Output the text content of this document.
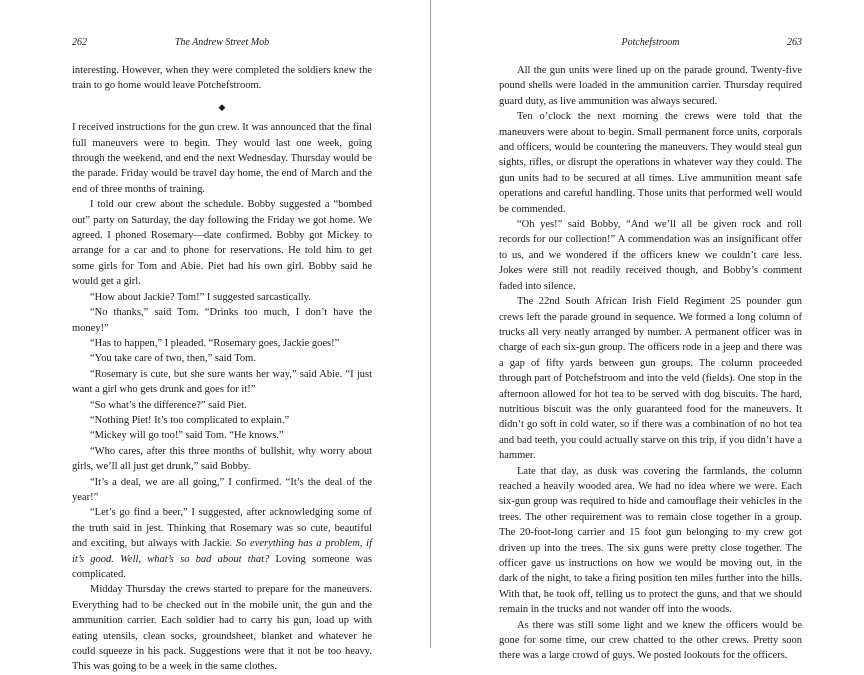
262	The Andrew Street Mob

interesting. However, when they were completed the soldiers knew the train to go home would leave Potchefstroom.

◆

I received instructions for the gun crew. It was announced that the final full maneuvers were to begin. They would last one week, going through the weekend, and end the next Wednesday. Thursday would be the parade. Friday would be travel day home, the end of March and the end of three months of training.

I told our crew about the schedule. Bobby suggested a “bombed out” party on Saturday, the day following the Friday we got home. We agreed. I phoned Rosemary—date confirmed. Bobby got Mickey to arrange for a car and to phone for reservations. He told him to get some girls for Tom and Abie. Piet had his own girl. Bobby said he would get a girl.

“How about Jackie? Tom!” I suggested sarcastically.

“No thanks,” said Tom. “Drinks too much, I don’t have the money!”

“Has to happen,” I pleaded. “Rosemary goes, Jackie goes!”

“You take care of two, then,” said Tom.

“Rosemary is cute, but she sure wants her way,” said Abie. “I just want a girl who gets drunk and goes for it!”

“So what’s the difference?” said Piet.

“Nothing Piet! It’s too complicated to explain.”

“Mickey will go too!” said Tom. “He knows.”

“Who cares, after this three months of bullshit, why worry about girls, we’ll all just get drunk,” said Bobby.

“It’s a deal, we are all going,” I confirmed. “It’s the deal of the year!”

“Let’s go find a beer,” I suggested, after acknowledging some of the truth said in jest. Thinking that Rosemary was so cute, beautiful and exciting, but always with Jackie. So everything has a problem, if it’s good. Well, what’s so bad about that? Loving someone was complicated.

Midday Thursday the crews started to prepare for the maneuvers. Everything had to be checked out in the mobile unit, the gun and the ammunition carrier. Each soldier had to carry his gun, load up with eating utensils, clean socks, groundsheet, blanket and whatever he could squeeze in his pack. Suggestions were that it not be too heavy. This was going to be a week in the same clothes.

Potchefstroom	263

All the gun units were lined up on the parade ground. Twenty-five pound shells were loaded in the ammunition carrier. Thursday required guard duty, as live ammunition was always secured.

Ten o’clock the next morning the crews were told that the maneuvers were about to begin. Small permanent force units, corporals and officers, would be countering the maneuvers. They would steal gun sights, rifles, or disrupt the operations in whatever way they could. The gun units had to be secured at all times. Live ammunition meant safe operations and careful handling. Those units that performed well would be commended.

“Oh yes!” said Bobby, “And we’ll all be given rock and roll records for our collection!” A commendation was an insignificant offer to us, and we wondered if the officers knew we couldn’t care less. Jokes were still not readily received though, and Bobby’s comment faded into silence.

The 22nd South African Irish Field Regiment 25 pounder gun crews left the parade ground in sequence. We formed a long column of trucks all very neatly arranged by number. A permanent officer was in charge of each six-gun group. The officers rode in a jeep and there was a gap of fifty yards between gun groups. The column proceeded through part of Potchefstroom and into the veld (fields). One stop in the afternoon allowed for hot tea to be served with dog biscuits. The hard, nutritious biscuit was the only guaranteed food for the maneuvers. It didn’t go soft in cold water, so if there was a combination of no hot tea and bad teeth, you could actually starve on this trip, if you didn’t have a hammer.

Late that day, as dusk was covering the farmlands, the column reached a heavily wooded area. We had no idea where we were. Each six-gun group was required to hide and camouflage their vehicles in the trees. The other requirement was to remain close together in a group. The 20-foot-long carrier and 15 foot gun belonging to my crew got driven up into the trees. The six guns were pretty close together. The officer gave us instructions on how we would be moving out, in the dark of the night, to take a firing position ten miles further into the hills. With that, he took off, telling us to protect the guns, and that we should remain in the trucks and not wander off into the woods.

As there was still some light and we knew the officers would be gone for some time, our crew chatted to the other crews. Pretty soon there was a large crowd of guys. We posted lookouts for the officers.
